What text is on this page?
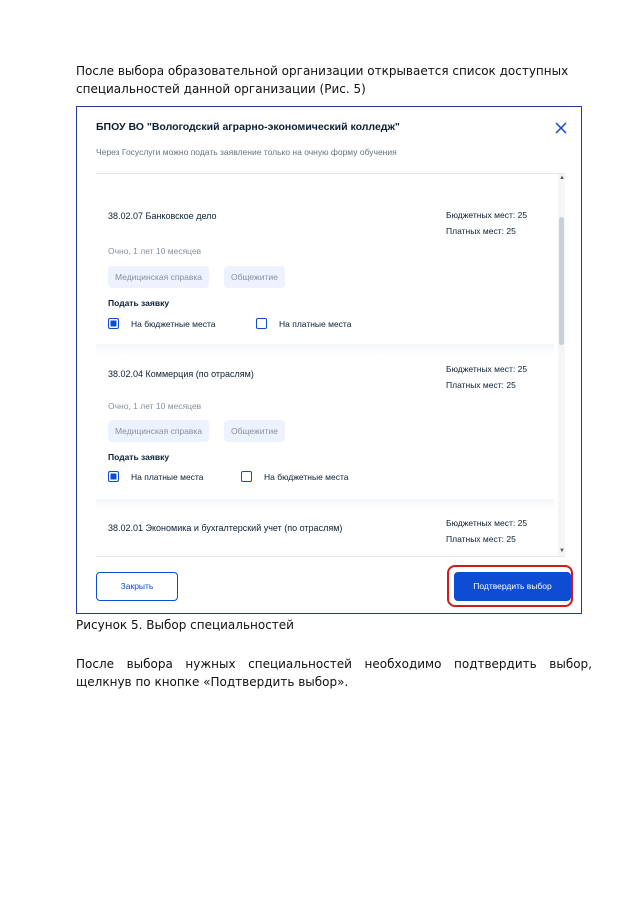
После выбора образовательной организации открывается список доступных специальностей данной организации (Рис. 5)
БПОУ ВО "Вологодский аграрно-экономический колледж"
Через Госуслуги можно подать заявление только на очную форму обучения
38.02.07 Банковское дело	Бюджетных мест: 25
Платных мест: 25
Очно, 1 лет 10 месяцев
Медицинская справка	Общежитие
Подать заявку
На бюджетные места	На платные места
38.02.04 Коммерция (по отраслям)	Бюджетных мест: 25
Платных мест: 25
Очно, 1 лет 10 месяцев
Медицинская справка	Общежитие
Подать заявку
На платные места	На бюджетные места
38.02.01 Экономика и бухгалтерский учет (по отраслям)	Бюджетных мест: 25
Платных мест: 25
▲
▼
Закрыть	Подтвердить выбор
Рисунок 5. Выбор специальностей
После выбора нужных специальностей необходимо подтвердить выбор, щелкнув по кнопке «Подтвердить выбор».
